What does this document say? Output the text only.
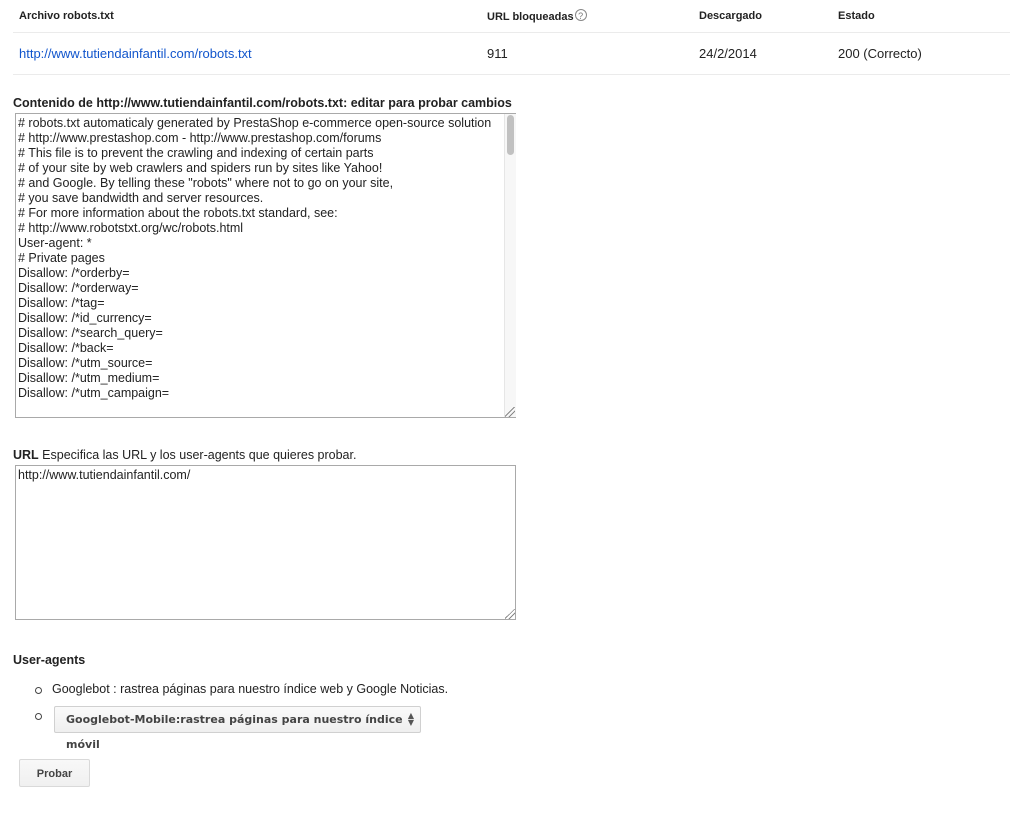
Archivo robots.txt	URL bloqueadas ?	Descargado	Estado
http://www.tutiendainfantil.com/robots.txt	911	24/2/2014	200 (Correcto)
Contenido de http://www.tutiendainfantil.com/robots.txt: editar para probar cambios
# robots.txt automaticaly generated by PrestaShop e-commerce open-source solution # http://www.prestashop.com - http://www.prestashop.com/forums # This file is to prevent the crawling and indexing of certain parts # of your site by web crawlers and spiders run by sites like Yahoo! # and Google. By telling these "robots" where not to go on your site, # you save bandwidth and server resources. # For more information about the robots.txt standard, see: # http://www.robotstxt.org/wc/robots.html User-agent: * # Private pages Disallow: /*orderby= Disallow: /*orderway= Disallow: /*tag= Disallow: /*id_currency= Disallow: /*search_query= Disallow: /*back= Disallow: /*utm_source= Disallow: /*utm_medium= Disallow: /*utm_campaign=
URL Especifica las URL y los user-agents que quieres probar.
http://www.tutiendainfantil.com/
User-agents
Googlebot : rastrea páginas para nuestro índice web y Google Noticias.
Googlebot-Mobile:rastrea páginas para nuestro índice móvil
▲
▼
Probar
